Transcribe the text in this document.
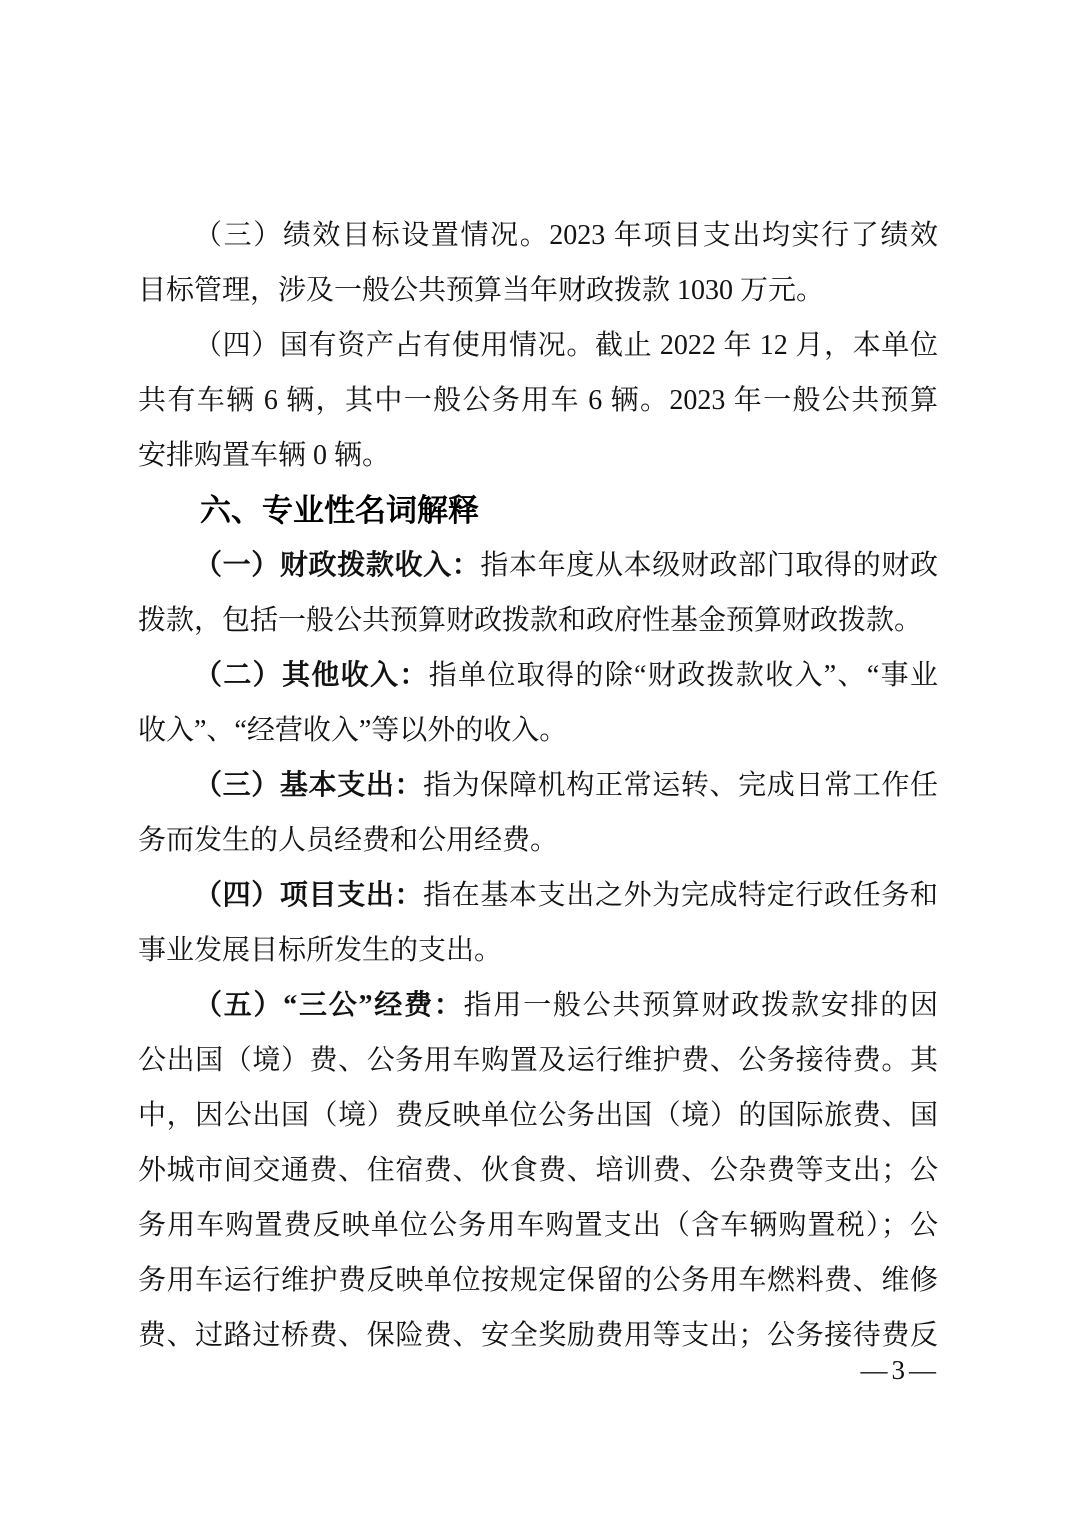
（三）绩效目标设置情况。2023 年项目支出均实行了绩效
目标管理，涉及一般公共预算当年财政拨款 1030 万元。
（四）国有资产占有使用情况。截止 2022 年 12 月，本单位
共有车辆 6 辆，其中一般公务用车 6 辆。2023 年一般公共预算
安排购置车辆 0 辆。
六、专业性名词解释
（一）财政拨款收入：指本年度从本级财政部门取得的财政
拨款，包括一般公共预算财政拨款和政府性基金预算财政拨款。
（二）其他收入：指单位取得的除“财政拨款收入”、“事业
收入”、“经营收入”等以外的收入。
（三）基本支出：指为保障机构正常运转、完成日常工作任
务而发生的人员经费和公用经费。
（四）项目支出：指在基本支出之外为完成特定行政任务和
事业发展目标所发生的支出。
（五）“三公”经费：指用一般公共预算财政拨款安排的因
公出国（境）费、公务用车购置及运行维护费、公务接待费。其
中，因公出国（境）费反映单位公务出国（境）的国际旅费、国
外城市间交通费、住宿费、伙食费、培训费、公杂费等支出；公
务用车购置费反映单位公务用车购置支出（含车辆购置税）；公
务用车运行维护费反映单位按规定保留的公务用车燃料费、维修
费、过路过桥费、保险费、安全奖励费用等支出；公务接待费反
—3—
